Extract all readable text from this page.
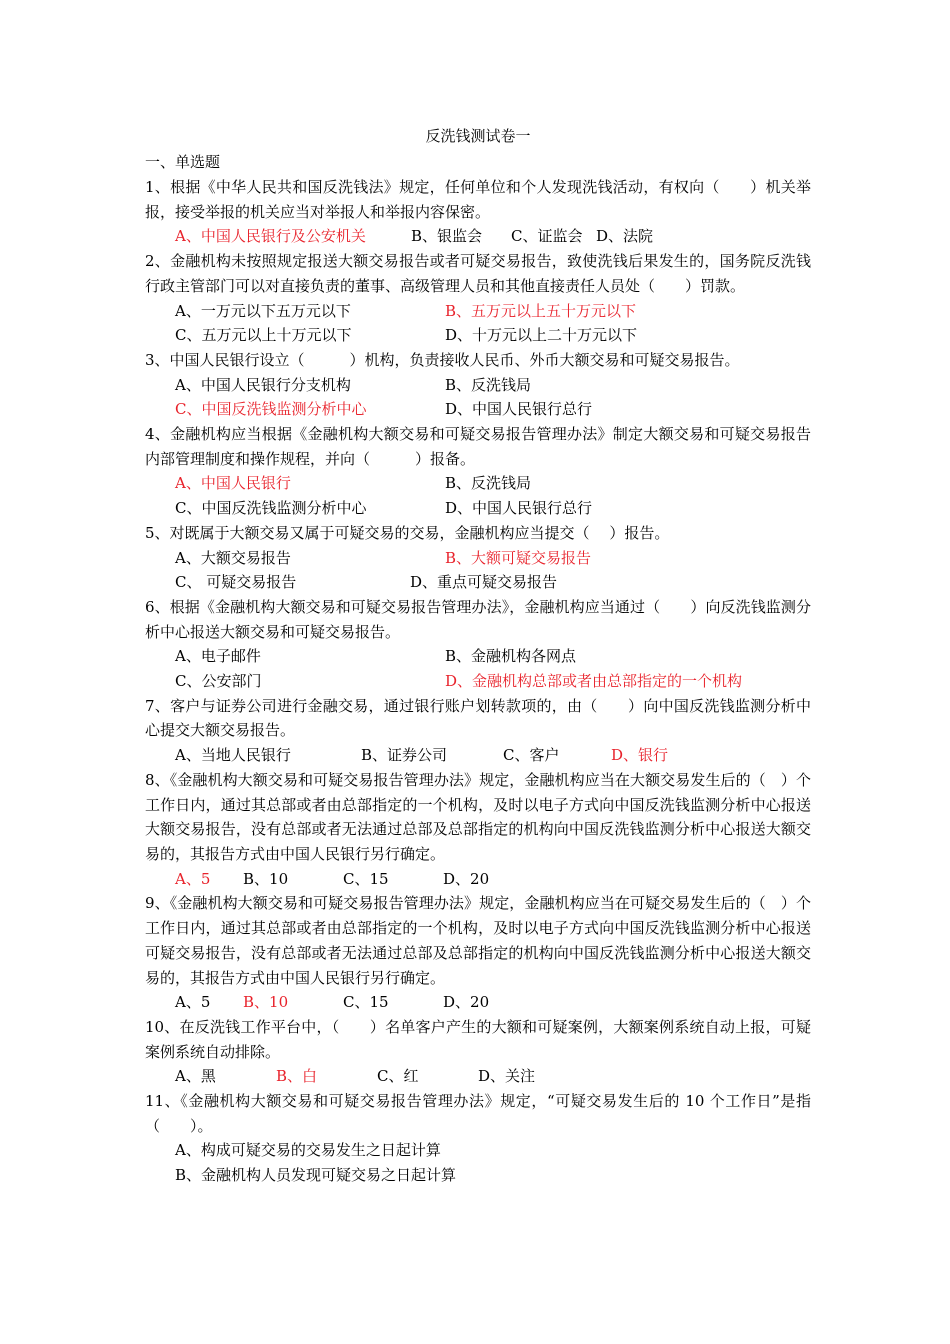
反洗钱测试卷一
一、单选题
1、根据《中华人民共和国反洗钱法》规定，任何单位和个人发现洗钱活动，有权向（　　）机关举报，接受举报的机关应当对举报人和举报内容保密。
A、中国人民银行及公安机关	B、银监会	C、证监会 D、法院
2、金融机构未按照规定报送大额交易报告或者可疑交易报告，致使洗钱后果发生的，国务院反洗钱行政主管部门可以对直接负责的董事、高级管理人员和其他直接责任人员处（　　）罚款。
A、一万元以下五万元以下	B、五万元以上五十万元以下
C、五万元以上十万元以下	D、十万元以上二十万元以下
3、中国人民银行设立（　　　）机构，负责接收人民币、外币大额交易和可疑交易报告。
A、中国人民银行分支机构	B、反洗钱局
C、中国反洗钱监测分析中心	D、中国人民银行总行
4、金融机构应当根据《金融机构大额交易和可疑交易报告管理办法》制定大额交易和可疑交易报告内部管理制度和操作规程，并向（　　　）报备。
A、中国人民银行	B、反洗钱局
C、中国反洗钱监测分析中心	D、中国人民银行总行
5、对既属于大额交易又属于可疑交易的交易，金融机构应当提交（　 ）报告。
A、大额交易报告	B、大额可疑交易报告
C、 可疑交易报告	D、重点可疑交易报告
6、根据《金融机构大额交易和可疑交易报告管理办法》，金融机构应当通过（　　）向反洗钱监测分析中心报送大额交易和可疑交易报告。
A、电子邮件	B、金融机构各网点
C、公安部门	D、金融机构总部或者由总部指定的一个机构
7、客户与证券公司进行金融交易，通过银行账户划转款项的，由（　　）向中国反洗钱监测分析中心提交大额交易报告。
A、当地人民银行	B、证券公司	C、客户	D、银行
8、《金融机构大额交易和可疑交易报告管理办法》规定，金融机构应当在大额交易发生后的（　）个工作日内，通过其总部或者由总部指定的一个机构，及时以电子方式向中国反洗钱监测分析中心报送大额交易报告，没有总部或者无法通过总部及总部指定的机构向中国反洗钱监测分析中心报送大额交易的，其报告方式由中国人民银行另行确定。
A、5	B、10	C、15	D、20
9、《金融机构大额交易和可疑交易报告管理办法》规定，金融机构应当在可疑交易发生后的（　）个工作日内，通过其总部或者由总部指定的一个机构，及时以电子方式向中国反洗钱监测分析中心报送可疑交易报告，没有总部或者无法通过总部及总部指定的机构向中国反洗钱监测分析中心报送大额交易的，其报告方式由中国人民银行另行确定。
A、5	B、10	C、15	D、20
10、在反洗钱工作平台中，（　　）名单客户产生的大额和可疑案例，大额案例系统自动上报，可疑案例系统自动排除。
A、黑	B、白	C、红	D、关注
11、《金融机构大额交易和可疑交易报告管理办法》规定，“可疑交易发生后的 10 个工作日”是指（　　）。
A、构成可疑交易的交易发生之日起计算
B、金融机构人员发现可疑交易之日起计算
